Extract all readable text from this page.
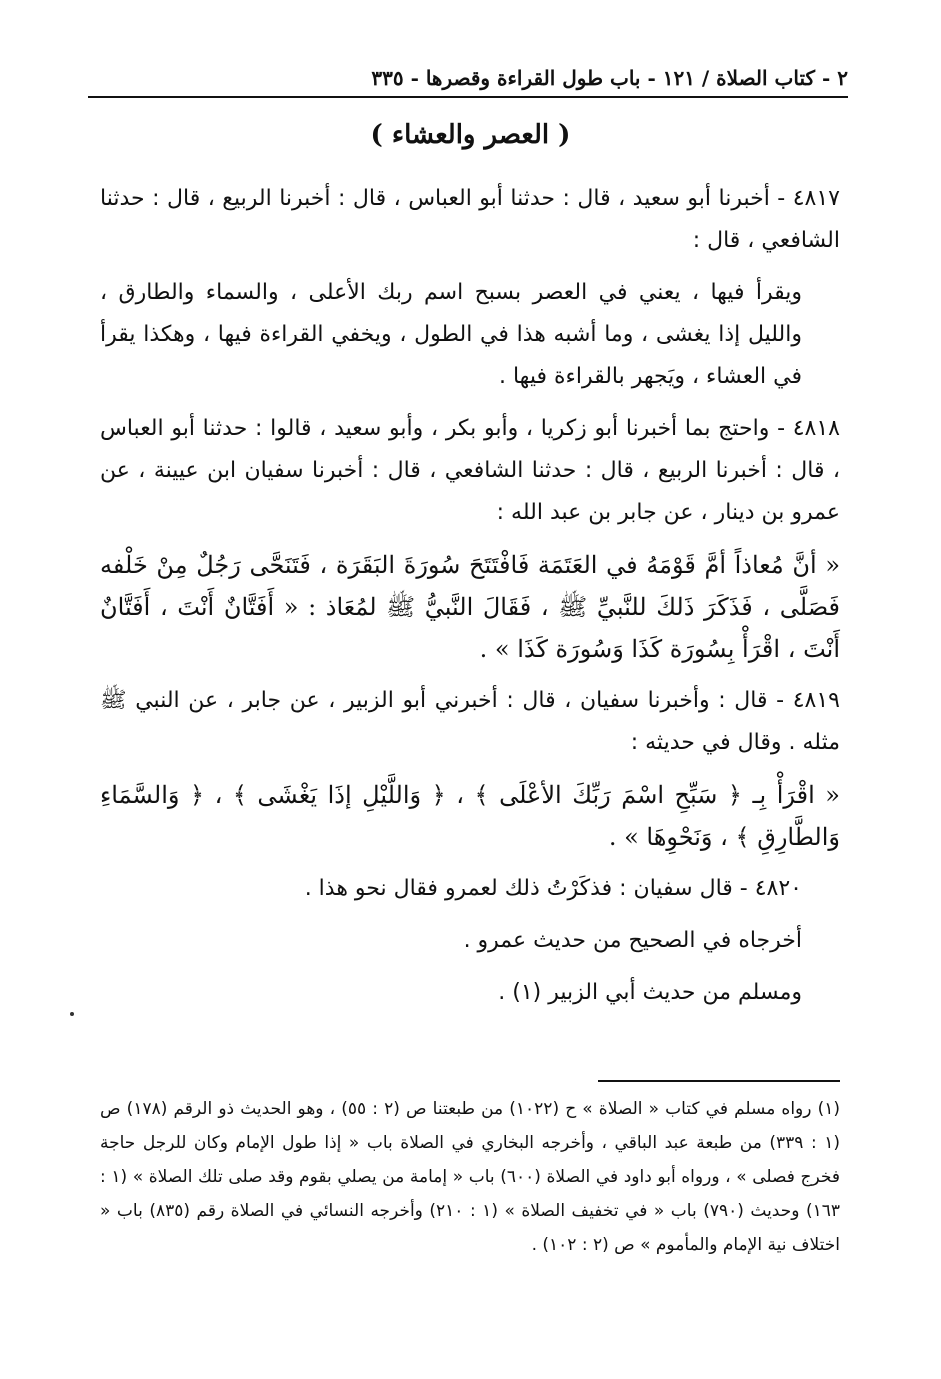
٢ - كتاب الصلاة / ١٢١ - باب طول القراءة وقصرها - ٣٣٥
( العصر والعشاء )

٤٨١٧ - أخبرنا أبو سعيد ، قال : حدثنا أبو العباس ، قال : أخبرنا الربيع ، قال : حدثنا الشافعي ، قال :

ويقرأ فيها ، يعني في العصر بسبح اسم ربك الأعلى ، والسماء والطارق ، والليل إذا يغشى ، وما أشبه هذا في الطول ، ويخفي القراءة فيها ، وهكذا يقرأ في العشاء ، ويَجهر بالقراءة فيها .

٤٨١٨ - واحتج بما أخبرنا أبو زكريا ، وأبو بكر ، وأبو سعيد ، قالوا : حدثنا أبو العباس ، قال : أخبرنا الربيع ، قال : حدثنا الشافعي ، قال : أخبرنا سفيان ابن عيينة ، عن عمرو بن دينار ، عن جابر بن عبد الله :

« أنَّ مُعاذاً أمَّ قَوْمَهُ في العَتَمَة فَافْتَتَحَ سُورَةَ البَقَرَة ، فَتَنَحَّى رَجُلٌ مِنْ خَلْفه فَصَلَّى ، فَذَكَرَ ذَلكَ للنَّبيِّ ﷺ ، فَقَالَ النَّبيُّ ﷺ لمُعَاذ : « أَفَتَّانٌ أَنْتَ ، أَفَتَّانٌ أَنْتَ ، اقْرَأْ بِسُورَة كَذَا وَسُورَة كَذَا » .

٤٨١٩ - قال : وأخبرنا سفيان ، قال : أخبرني أبو الزبير ، عن جابر ، عن النبي ﷺ مثله . وقال في حديثه :

« اقْرَأْ بِـ ﴿ سَبِّحِ اسْمَ رَبِّكَ الأعْلَى ﴾ ، ﴿ وَاللَّيْلِ إذَا يَغْشَى ﴾ ، ﴿ وَالسَّمَاءِ وَالطَّارِقِ ﴾ ، وَنَحْوِهَا » .

٤٨٢٠ - قال سفيان : فذكَرْتُ ذلك لعمرو فقال نحو هذا .

أخرجاه في الصحيح من حديث عمرو .

ومسلم من حديث أبي الزبير (١) .

(١) رواه مسلم في كتاب « الصلاة » ح (١٠٢٢) من طبعتنا ص (٢ : ٥٥) ، وهو الحديث ذو الرقم (١٧٨) ص (١ : ٣٣٩) من طبعة عبد الباقي ، وأخرجه البخاري في الصلاة باب « إذا طول الإمام وكان للرجل حاجة فخرج فصلى » ، ورواه أبو داود في الصلاة (٦٠٠) باب « إمامة من يصلي بقوم وقد صلى تلك الصلاة » (١ : ١٦٣) وحديث (٧٩٠) باب « في تخفيف الصلاة » (١ : ٢١٠) وأخرجه النسائي في الصلاة رقم (٨٣٥) باب « اختلاف نية الإمام والمأموم » ص (٢ : ١٠٢) .
